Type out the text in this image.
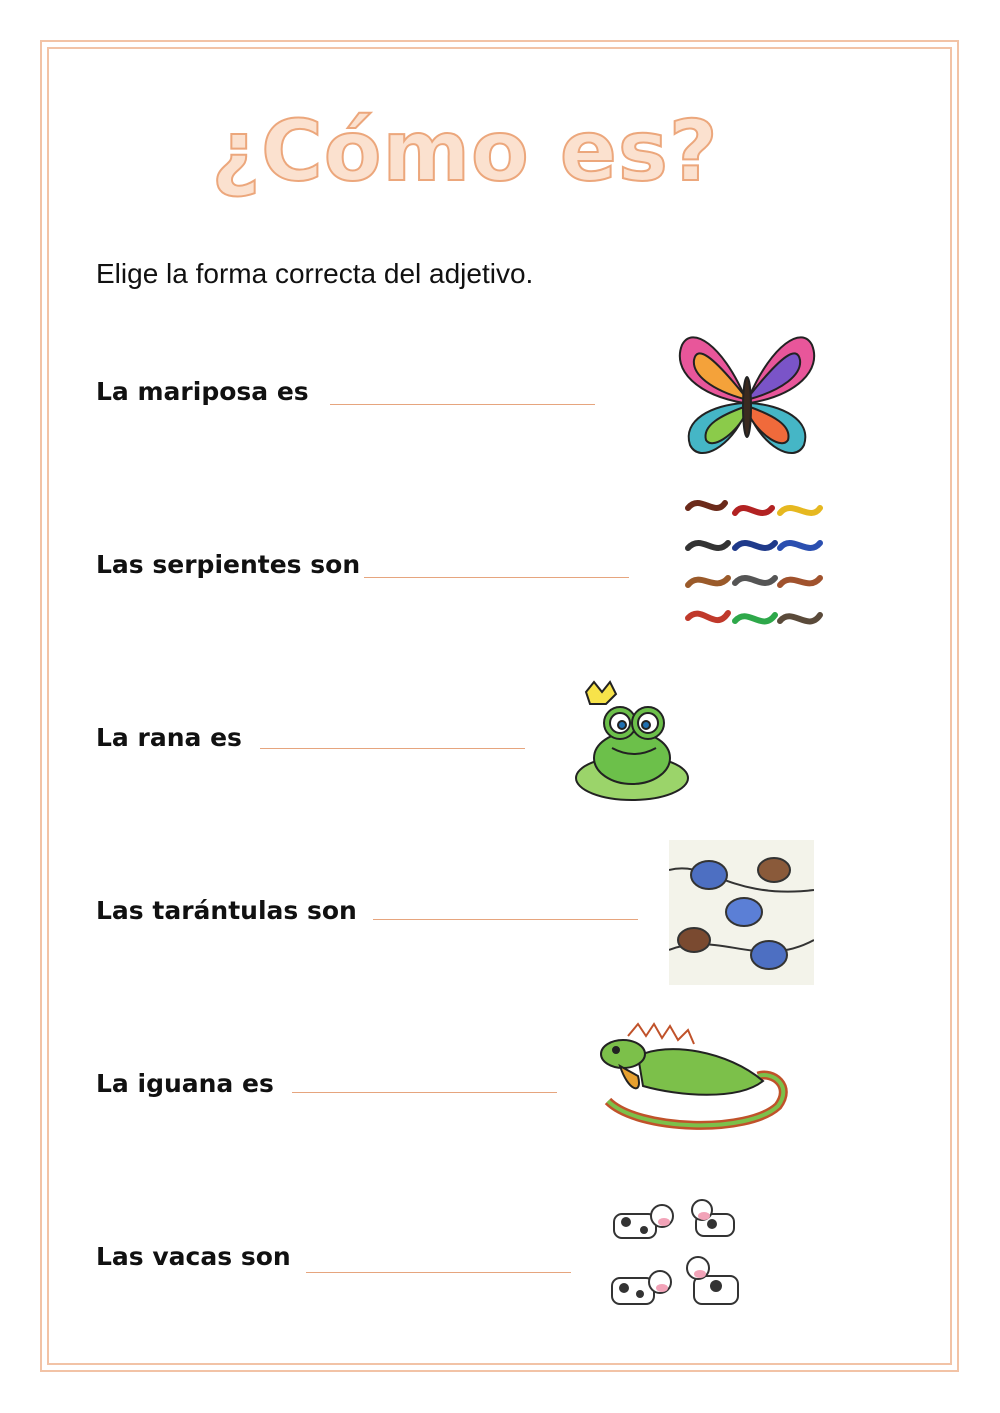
¿Cómo es?
Elige la forma correcta del adjetivo.
La mariposa es
Las serpientes son
La rana es
Las tarántulas son
La iguana es
Las vacas son
